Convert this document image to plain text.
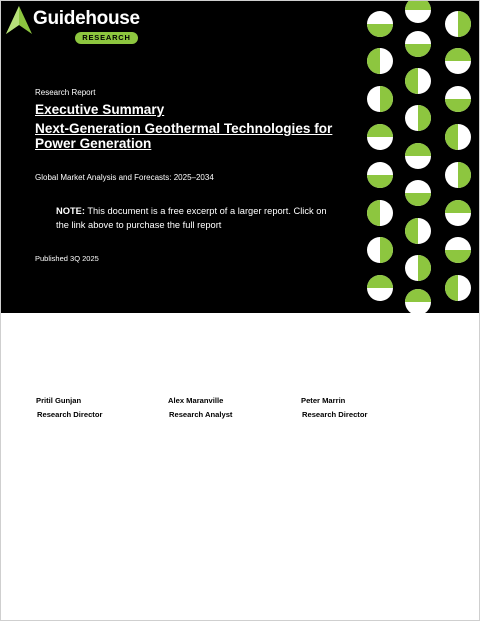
Guidehouse
RESEARCH
Research Report
Executive Summary
Next-Generation Geothermal Technologies for Power Generation
Global Market Analysis and Forecasts: 2025–2034
NOTE: This document is a free excerpt of a larger report. Click on the link above to purchase the full report
Published 3Q 2025
Pritil Gunjan
Research Director
Alex Maranville
Research Analyst
Peter Marrin
Research Director
